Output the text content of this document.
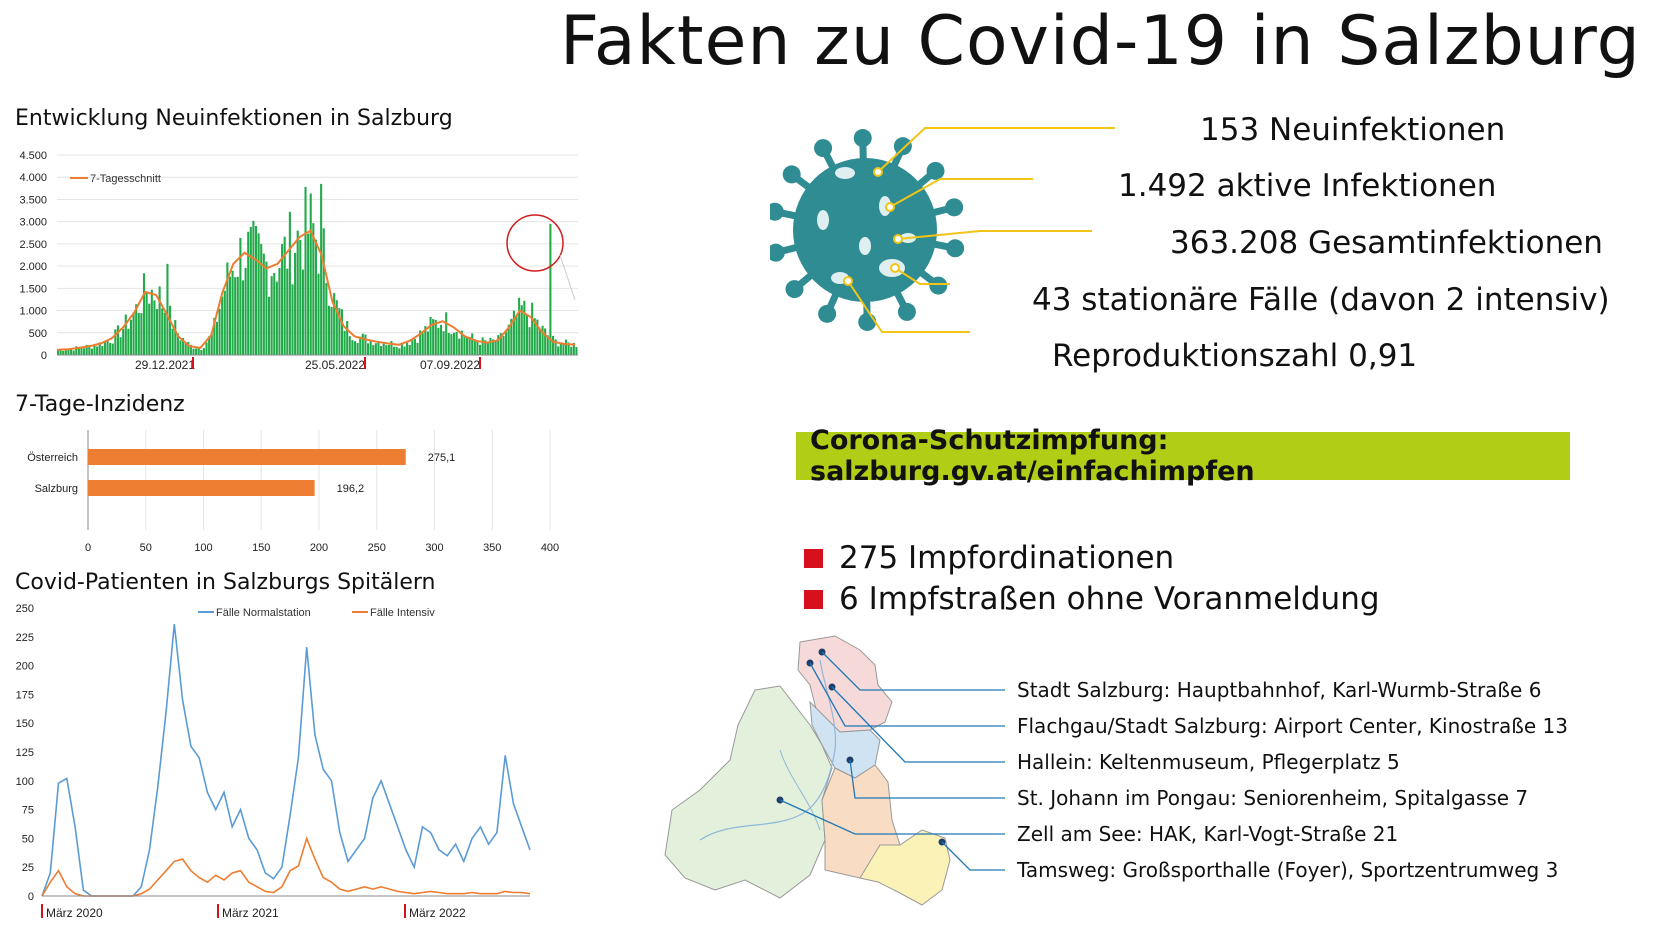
Fakten zu Covid-19 in Salzburg
Entwicklung Neuinfektionen in Salzburg
4.500
4.000
3.500
3.000
2.500
2.000
1.500
1.000
500
0
7-Tagesschnitt
29.12.2021	25.05.2022	07.09.2022
7-Tage-Inzidenz
0	50	100	150	200	250	300	350	400
Österreich	275,1
Salzburg	196,2
Covid-Patienten in Salzburgs Spitälern
250
225
200
175
150
125
100
75
50
25
0
Fälle Normalstation	Fälle Intensiv
März 2020	März 2021	März 2022
153 Neuinfektionen
1.492 aktive Infektionen
363.208 Gesamtinfektionen
43 stationäre Fälle (davon 2 intensiv)
Reproduktionszahl 0,91
Corona-Schutzimpfung: salzburg.gv.at/einfachimpfen
275 Impfordinationen
6 Impfstraßen ohne Voranmeldung
Stadt Salzburg: Hauptbahnhof, Karl-Wurmb-Straße 6
Flachgau/Stadt Salzburg: Airport Center, Kinostraße 13
Hallein: Keltenmuseum, Pflegerplatz 5
St. Johann im Pongau: Seniorenheim, Spitalgasse 7
Zell am See: HAK, Karl-Vogt-Straße 21
Tamsweg: Großsporthalle (Foyer), Sportzentrumweg 3
